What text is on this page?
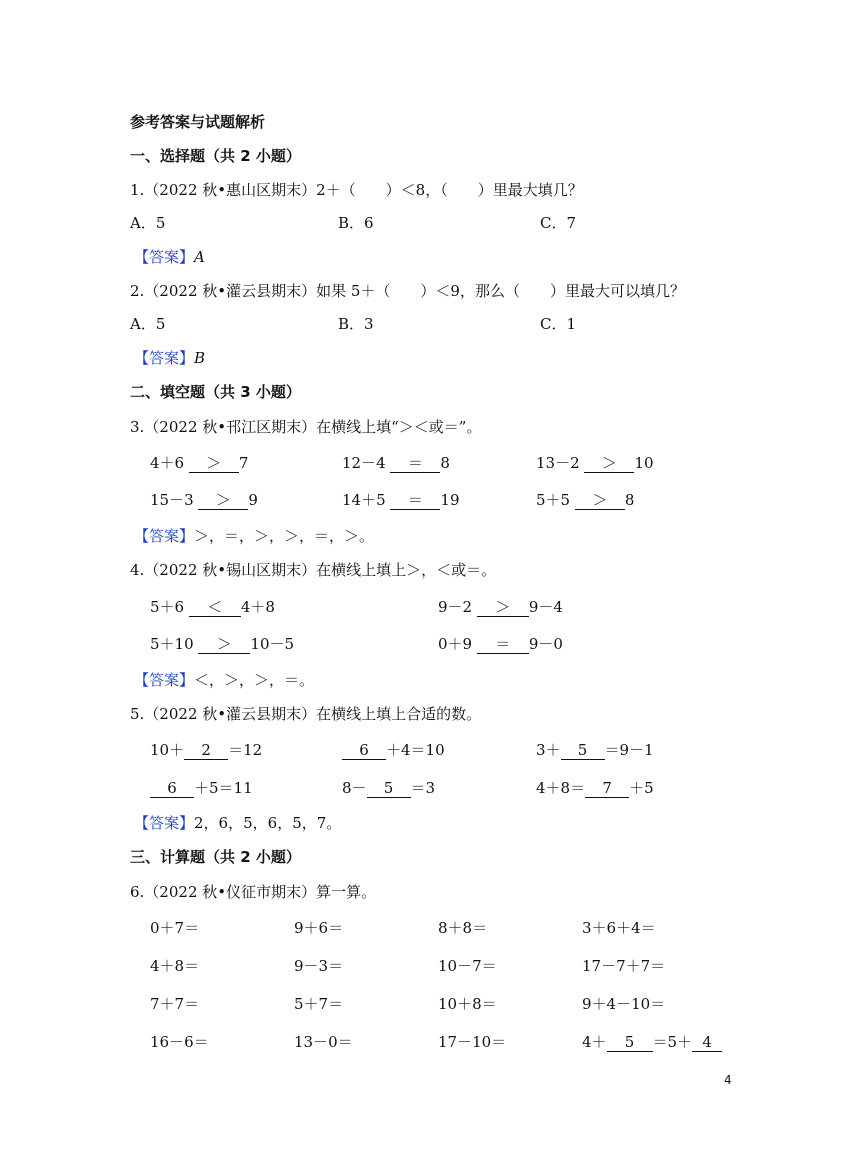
参考答案与试题解析
一、选择题（共 2 小题）
1.（2022 秋•惠山区期末）2＋（　　）＜8，（　　）里最大填几？
A．5	B．6	C．7
【答案】A
2.（2022 秋•灌云县期末）如果 5＋（　　）＜9，那么（　　）里最大可以填几？
A．5	B．3	C．1
【答案】B
二、填空题（共 3 小题）
3.（2022 秋•邗江区期末）在横线上填“＞＜或＝”。
4＋6 ＞ 7	12－4 ＝ 8	13－2 ＞ 10
15－3 ＞ 9	14＋5 ＝ 19	5＋5 ＞ 8
【答案】＞，＝，＞，＞，＝，＞。
4.（2022 秋•锡山区期末）在横线上填上＞，＜或＝。
5＋6 ＜ 4＋8	9－2 ＞ 9－4
5＋10 ＞ 10－5	0＋9 ＝ 9－0
【答案】＜，＞，＞，＝。
5.（2022 秋•灌云县期末）在横线上填上合适的数。
10＋ 2 ＝12	6 ＋4＝10	3＋ 5 ＝9－1
6 ＋5＝11	8－ 5 ＝3	4＋8＝ 7 ＋5
【答案】2，6，5，6，5，7。
三、计算题（共 2 小题）
6.（2022 秋•仪征市期末）算一算。
0＋7＝	9＋6＝	8＋8＝	3＋6＋4＝
4＋8＝	9－3＝	10－7＝	17－7＋7＝
7＋7＝	5＋7＝	10＋8＝	9＋4－10＝
16－6＝	13－0＝	17－10＝	4＋ 5 ＝5＋ 4
4
